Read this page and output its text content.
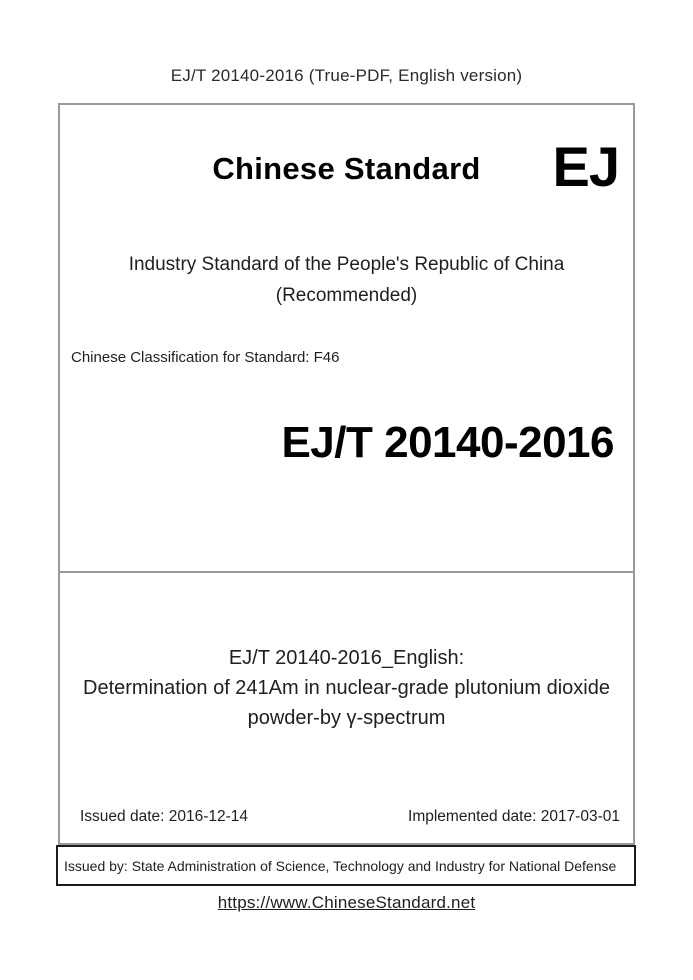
EJ/T 20140-2016 (True-PDF, English version)
Chinese Standard	EJ
Industry Standard of the People's Republic of China
(Recommended)
Chinese Classification for Standard: F46
EJ/T 20140-2016
EJ/T 20140-2016_English:
Determination of 241Am in nuclear-grade plutonium dioxide
powder-by γ-spectrum
Issued date: 2016-12-14	Implemented date: 2017-03-01
Issued by: State Administration of Science, Technology and Industry for National Defense
https://www.ChineseStandard.net
